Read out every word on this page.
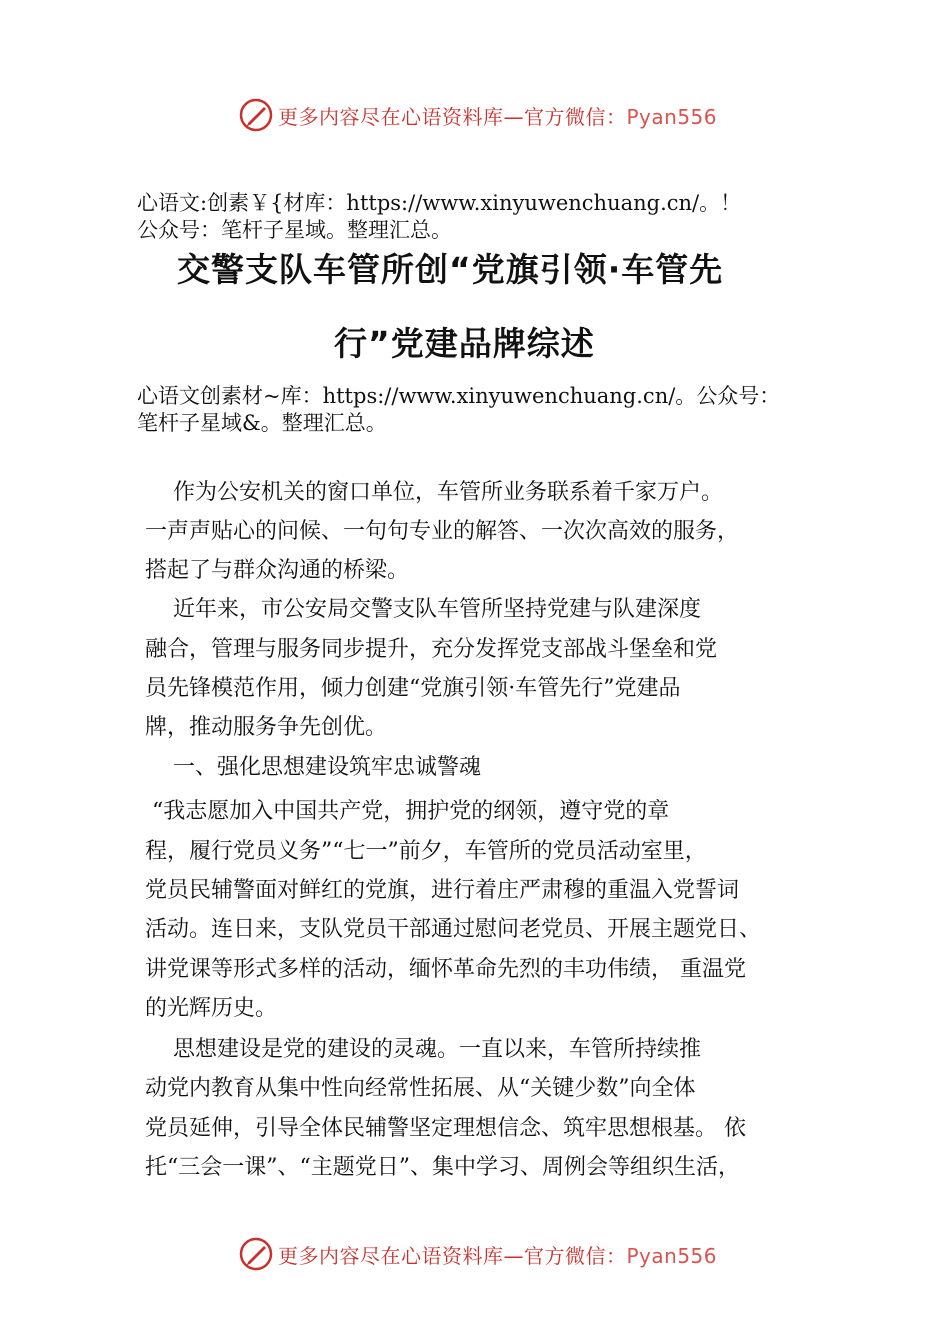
更多内容尽在心语资料库—官方微信：Pyan556
心语文:创素￥{材库：https://www.xinyuwenchuang.cn/。！
公众号：笔杆子星域。整理汇总。
交警支队车管所创“党旗引领·车管先
行”党建品牌综述
心语文创素材~库：https://www.xinyuwenchuang.cn/。公众号：
笔杆子星域&。整理汇总。
作为公安机关的窗口单位，车管所业务联系着千家万户。
一声声贴心的问候、一句句专业的解答、一次次高效的服务，
搭起了与群众沟通的桥梁。
近年来，市公安局交警支队车管所坚持党建与队建深度
融合，管理与服务同步提升，充分发挥党支部战斗堡垒和党
员先锋模范作用，倾力创建“党旗引领·车管先行”党建品
牌，推动服务争先创优。
一、强化思想建设筑牢忠诚警魂
“我志愿加入中国共产党，拥护党的纲领，遵守党的章
程，履行党员义务”“七一”前夕，车管所的党员活动室里，
党员民辅警面对鲜红的党旗，进行着庄严肃穆的重温入党誓词
活动。连日来，支队党员干部通过慰问老党员、开展主题党日、
讲党课等形式多样的活动，缅怀革命先烈的丰功伟绩， 重温党
的光辉历史。
思想建设是党的建设的灵魂。一直以来，车管所持续推
动党内教育从集中性向经常性拓展、从“关键少数”向全体
党员延伸，引导全体民辅警坚定理想信念、筑牢思想根基。 依
托“三会一课”、“主题党日”、集中学习、周例会等组织生活，
更多内容尽在心语资料库—官方微信：Pyan556
